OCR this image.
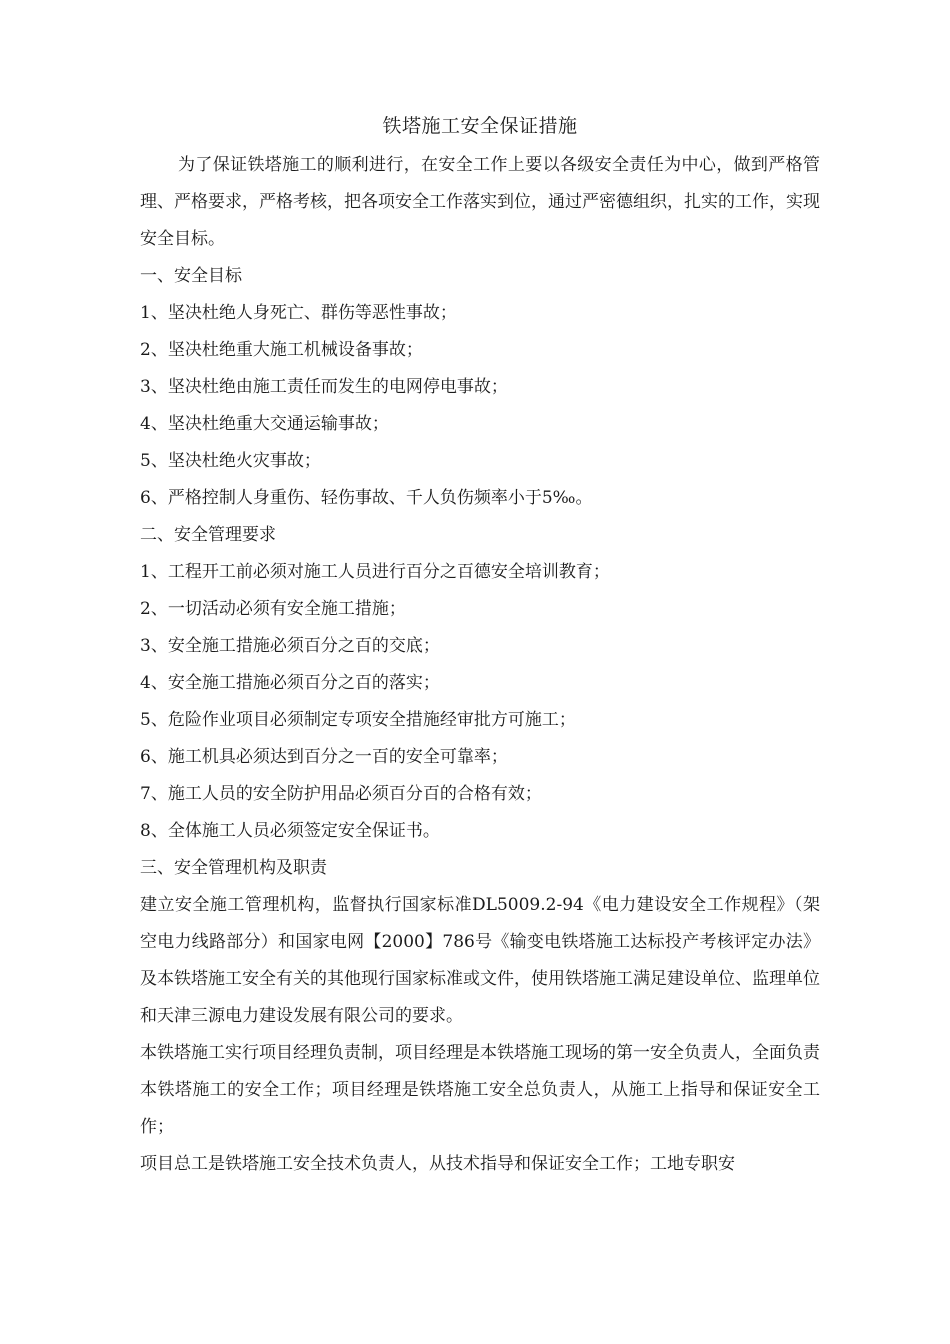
铁塔施工安全保证措施

为了保证铁塔施工的顺利进行，在安全工作上要以各级安全责任为中心，做到严格管理、严格要求，严格考核，把各项安全工作落实到位，通过严密德组织，扎实的工作，实现安全目标。

一、安全目标

1、坚决杜绝人身死亡、群伤等恶性事故；

2、坚决杜绝重大施工机械设备事故；

3、坚决杜绝由施工责任而发生的电网停电事故；

4、坚决杜绝重大交通运输事故；

5、坚决杜绝火灾事故；

6、严格控制人身重伤、轻伤事故、千人负伤频率小于5‰。

二、安全管理要求

1、工程开工前必须对施工人员进行百分之百德安全培训教育；

2、一切活动必须有安全施工措施；

3、安全施工措施必须百分之百的交底；

4、安全施工措施必须百分之百的落实；

5、危险作业项目必须制定专项安全措施经审批方可施工；

6、施工机具必须达到百分之一百的安全可靠率；

7、施工人员的安全防护用品必须百分百的合格有效；

8、全体施工人员必须签定安全保证书。

三、安全管理机构及职责

建立安全施工管理机构，监督执行国家标准DL5009.2-94《电力建设安全工作规程》（架空电力线路部分）和国家电网【2000】786号《输变电铁塔施工达标投产考核评定办法》及本铁塔施工安全有关的其他现行国家标准或文件，使用铁塔施工满足建设单位、监理单位和天津三源电力建设发展有限公司的要求。

本铁塔施工实行项目经理负责制，项目经理是本铁塔施工现场的第一安全负责人，全面负责本铁塔施工的安全工作；项目经理是铁塔施工安全总负责人，从施工上指导和保证安全工作；

项目总工是铁塔施工安全技术负责人，从技术指导和保证安全工作；工地专职安
